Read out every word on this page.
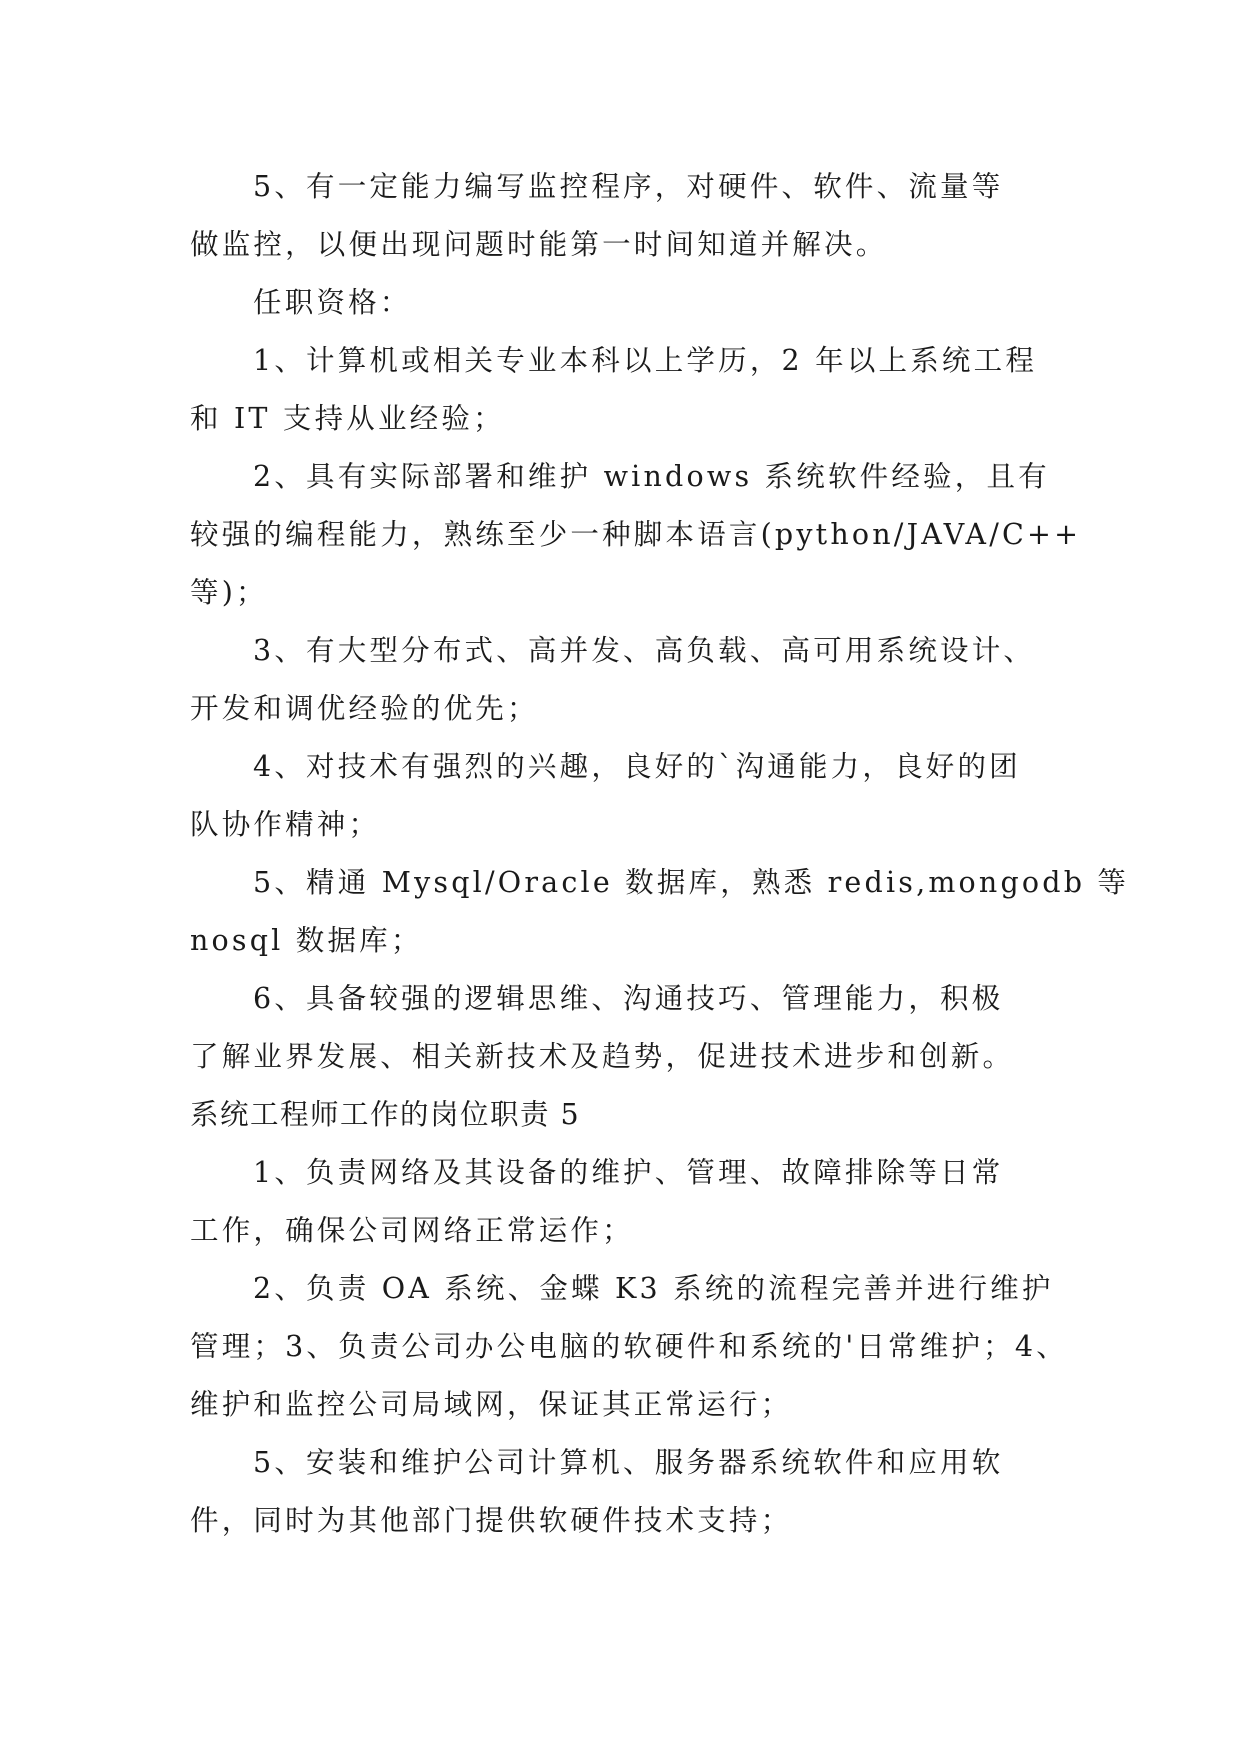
5、有一定能力编写监控程序，对硬件、软件、流量等
做监控，以便出现问题时能第一时间知道并解决。
任职资格：
1、计算机或相关专业本科以上学历，2 年以上系统工程
和 IT 支持从业经验；
2、具有实际部署和维护 windows 系统软件经验，且有
较强的编程能力，熟练至少一种脚本语言(python/JAVA/C++
等)；
3、有大型分布式、高并发、高负载、高可用系统设计、
开发和调优经验的优先；
4、对技术有强烈的兴趣，良好的`沟通能力，良好的团
队协作精神；
5、精通 Mysql/Oracle 数据库，熟悉 redis,mongodb 等
nosql 数据库；
6、具备较强的逻辑思维、沟通技巧、管理能力，积极
了解业界发展、相关新技术及趋势，促进技术进步和创新。
系统工程师工作的岗位职责 5
1、负责网络及其设备的维护、管理、故障排除等日常
工作，确保公司网络正常运作；
2、负责 OA 系统、金蝶 K3 系统的流程完善并进行维护
管理；3、负责公司办公电脑的软硬件和系统的'日常维护；4、
维护和监控公司局域网，保证其正常运行；
5、安装和维护公司计算机、服务器系统软件和应用软
件，同时为其他部门提供软硬件技术支持；
